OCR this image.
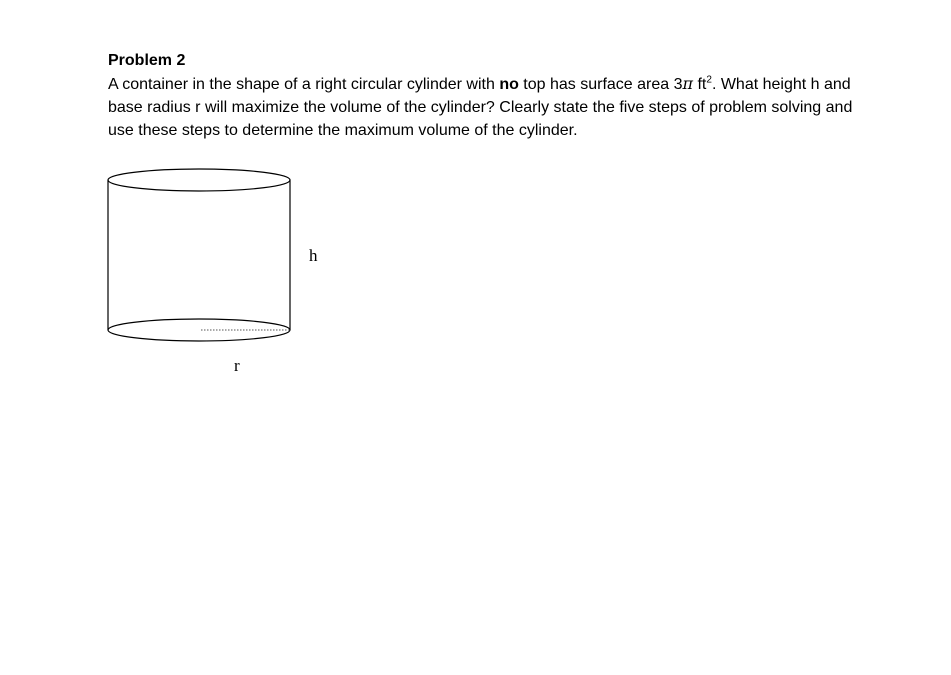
Problem 2

A container in the shape of a right circular cylinder with no top has surface area 3π $ft^2$. What height h and base radius r will maximize the volume of the cylinder? Clearly state the five steps of problem solving and use these steps to determine the maximum volume of the cylinder.

h
r
